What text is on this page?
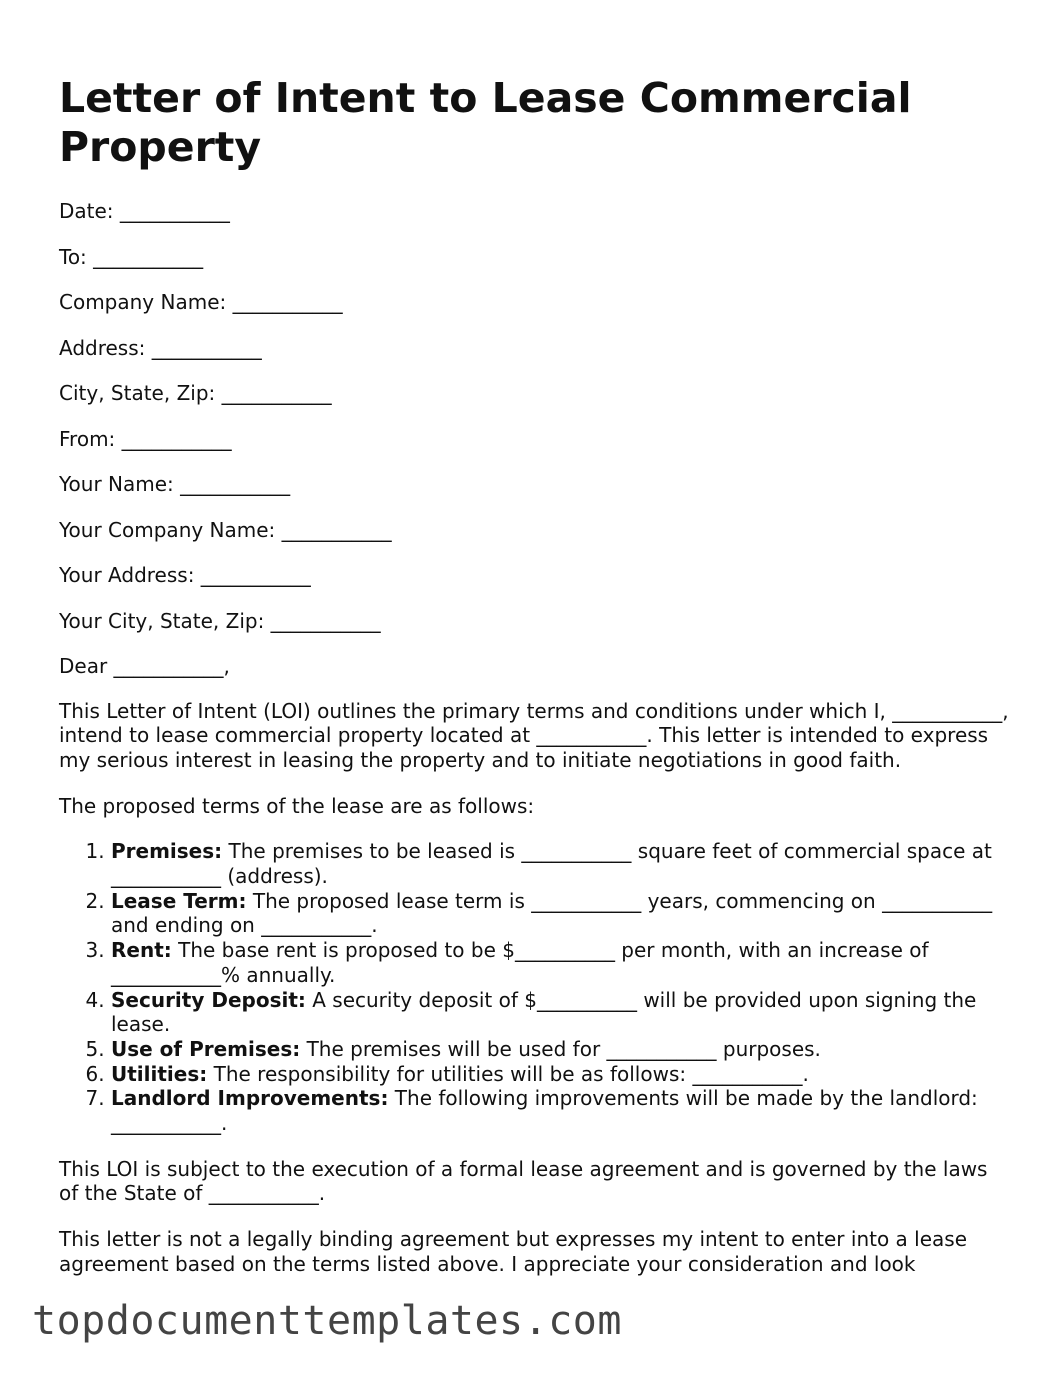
Letter of Intent to Lease Commercial Property
Date: ___________
To: ___________
Company Name: ___________
Address: ___________
City, State, Zip: ___________
From: ___________
Your Name: ___________
Your Company Name: ___________
Your Address: ___________
Your City, State, Zip: ___________
Dear ___________,

This Letter of Intent (LOI) outlines the primary terms and conditions under which I, ___________, intend to lease commercial property located at ___________. This letter is intended to express my serious interest in leasing the property and to initiate negotiations in good faith.

The proposed terms of the lease are as follows:

1. Premises: The premises to be leased is ___________ square feet of commercial space at ___________ (address).
2. Lease Term: The proposed lease term is ___________ years, commencing on ___________ and ending on ___________.
3. Rent: The base rent is proposed to be $__________ per month, with an increase of ___________% annually.
4. Security Deposit: A security deposit of $__________ will be provided upon signing the lease.
5. Use of Premises: The premises will be used for ___________ purposes.
6. Utilities: The responsibility for utilities will be as follows: ___________.
7. Landlord Improvements: The following improvements will be made by the landlord: ___________.

This LOI is subject to the execution of a formal lease agreement and is governed by the laws of the State of ___________.

This letter is not a legally binding agreement but expresses my intent to enter into a lease agreement based on the terms listed above. I appreciate your consideration and look

topdocumenttemplates.com
